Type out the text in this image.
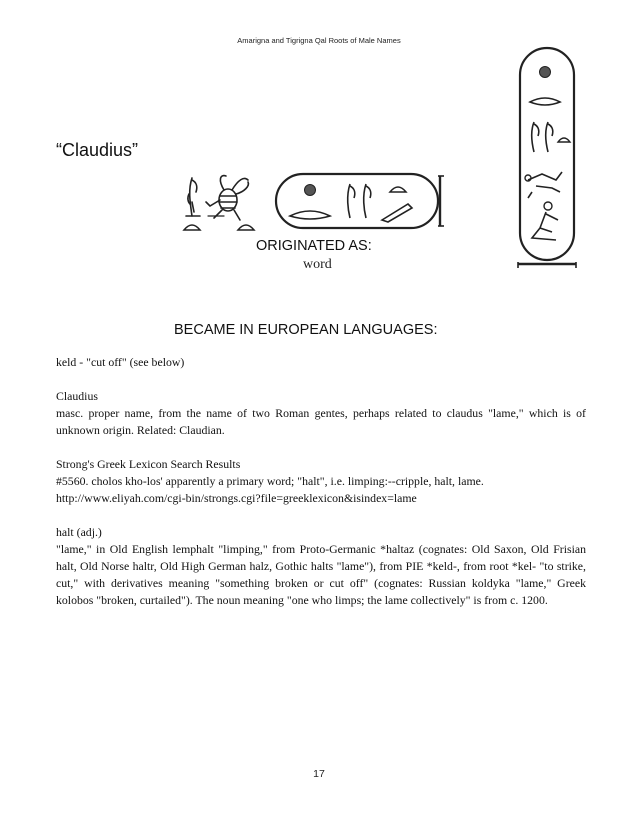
Amarigna and Tigrigna Qal Roots of Male Names
“Claudius”
ORIGINATED AS:
word
BECAME IN EUROPEAN LANGUAGES:

keld - "cut off" (see below)

Claudius

masc. proper name, from the name of two Roman gentes, perhaps related to claudus "lame," which is of unknown origin. Related: Claudian.

Strong's Greek Lexicon Search Results

#5560. cholos kho-los' apparently a primary word; "halt", i.e. limping:--cripple, halt, lame.

http://www.eliyah.com/cgi-bin/strongs.cgi?file=greeklexicon&isindex=lame

halt (adj.)

"lame," in Old English lemphalt "limping," from Proto-Germanic *haltaz (cognates: Old Saxon, Old Frisian halt, Old Norse haltr, Old High German halz, Gothic halts "lame"), from PIE *keld-, from root *kel- "to strike, cut," with derivatives meaning "something broken or cut off" (cognates: Russian koldyka "lame," Greek kolobos "broken, curtailed"). The noun meaning "one who limps; the lame collectively" is from c. 1200.

17
